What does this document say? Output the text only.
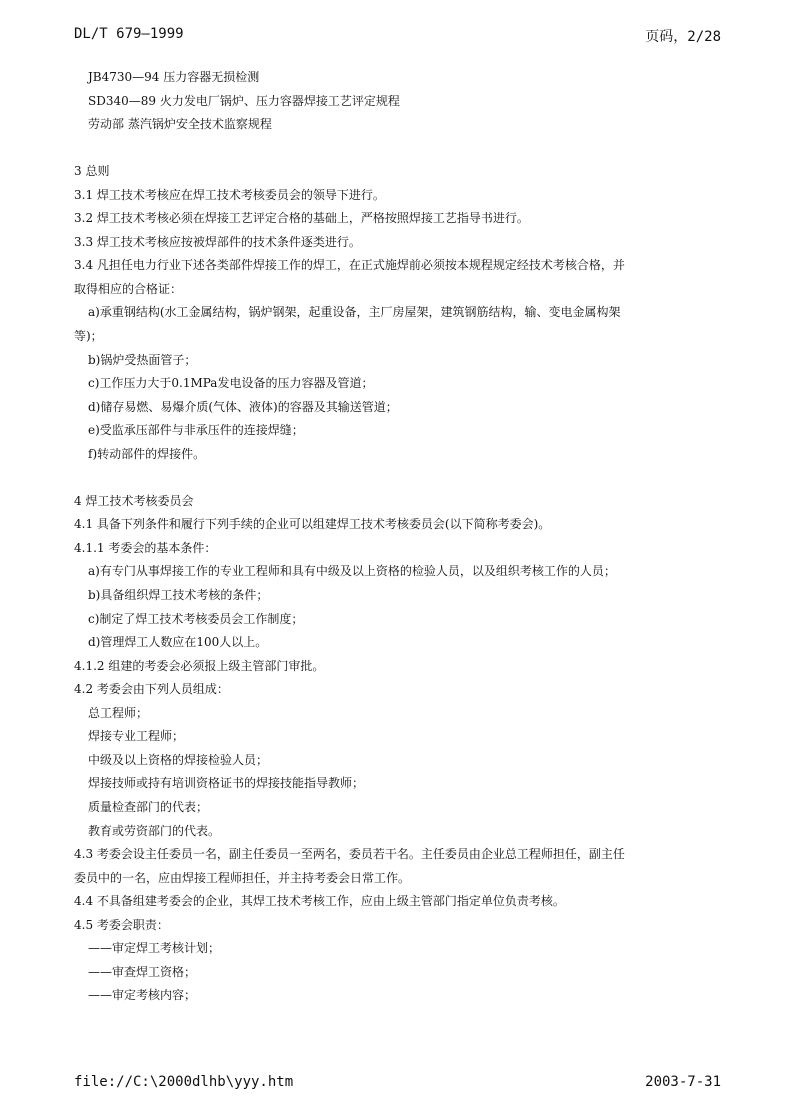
DL/T 679—1999	页码，2/28
JB4730—94 压力容器无损检测
SD340—89 火力发电厂锅炉、压力容器焊接工艺评定规程
劳动部 蒸汽锅炉安全技术监察规程
3 总则
3.1 焊工技术考核应在焊工技术考核委员会的领导下进行。
3.2 焊工技术考核必须在焊接工艺评定合格的基础上，严格按照焊接工艺指导书进行。
3.3 焊工技术考核应按被焊部件的技术条件逐类进行。
3.4 凡担任电力行业下述各类部件焊接工作的焊工，在正式施焊前必须按本规程规定经技术考核合格，并
取得相应的合格证：
a)承重钢结构(水工金属结构，锅炉钢架，起重设备，主厂房屋架，建筑钢筋结构，输、变电金属构架
等)；
b)锅炉受热面管子；
c)工作压力大于0.1MPa发电设备的压力容器及管道；
d)储存易燃、易爆介质(气体、液体)的容器及其输送管道；
e)受监承压部件与非承压件的连接焊缝；
f)转动部件的焊接件。
4 焊工技术考核委员会
4.1 具备下列条件和履行下列手续的企业可以组建焊工技术考核委员会(以下简称考委会)。
4.1.1 考委会的基本条件：
a)有专门从事焊接工作的专业工程师和具有中级及以上资格的检验人员，以及组织考核工作的人员；
b)具备组织焊工技术考核的条件；
c)制定了焊工技术考核委员会工作制度；
d)管理焊工人数应在100人以上。
4.1.2 组建的考委会必须报上级主管部门审批。
4.2 考委会由下列人员组成：
总工程师；
焊接专业工程师；
中级及以上资格的焊接检验人员；
焊接技师或持有培训资格证书的焊接技能指导教师；
质量检查部门的代表；
教育或劳资部门的代表。
4.3 考委会设主任委员一名，副主任委员一至两名，委员若干名。主任委员由企业总工程师担任，副主任
委员中的一名，应由焊接工程师担任，并主持考委会日常工作。
4.4 不具备组建考委会的企业，其焊工技术考核工作，应由上级主管部门指定单位负责考核。
4.5 考委会职责：
——审定焊工考核计划；
——审查焊工资格；
——审定考核内容；
file://C:\2000dlhb\yyy.htm	2003-7-31
